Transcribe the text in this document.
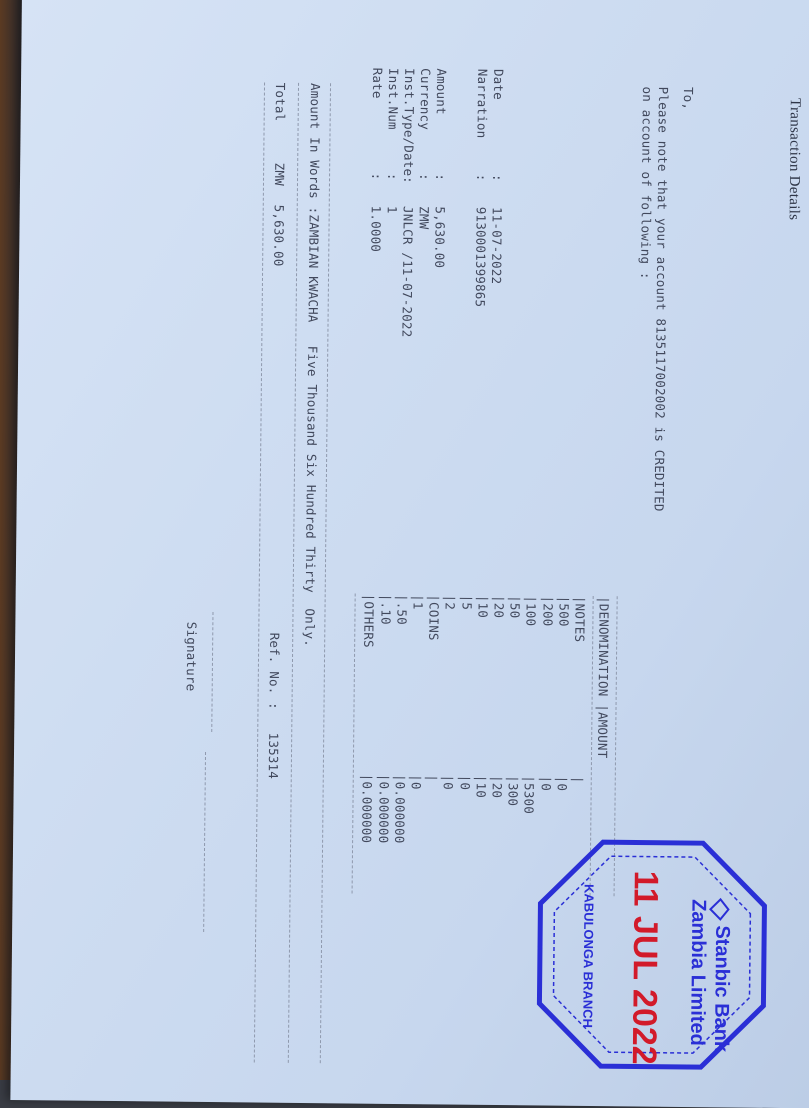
Transaction Details
To,
Please note that your account 8135117002002 is CREDITED
on account of following :
Date
:
11-07-2022
Narration
:
9130001399865
Amount
:
5,630.00
Currency
:
ZMW
Inst.Type/Date:
JNLCR /11-07-2022
Inst.Num
:
1
Rate
:
1.0000
|DENOMINATION |AMOUNT
|NOTES
|
|500
|0
|200
|0
|100
|5300
|50
|300
|20
|20
|10
|10
|5
|0
|2
|0
|COINS
|
|1
|0
|.50
|0.000000
|.10
|0.000000
|OTHERS
|0.000000
Amount In Words :ZAMBIAN KWACHA   Five Thousand Six Hundred Thirty  Only.
Total
ZMW
5,630.00
Ref. No. :
135314
Signature
Stanbic Bank
Zambia Limited
11 JUL 2022
KABULONGA BRANCH
